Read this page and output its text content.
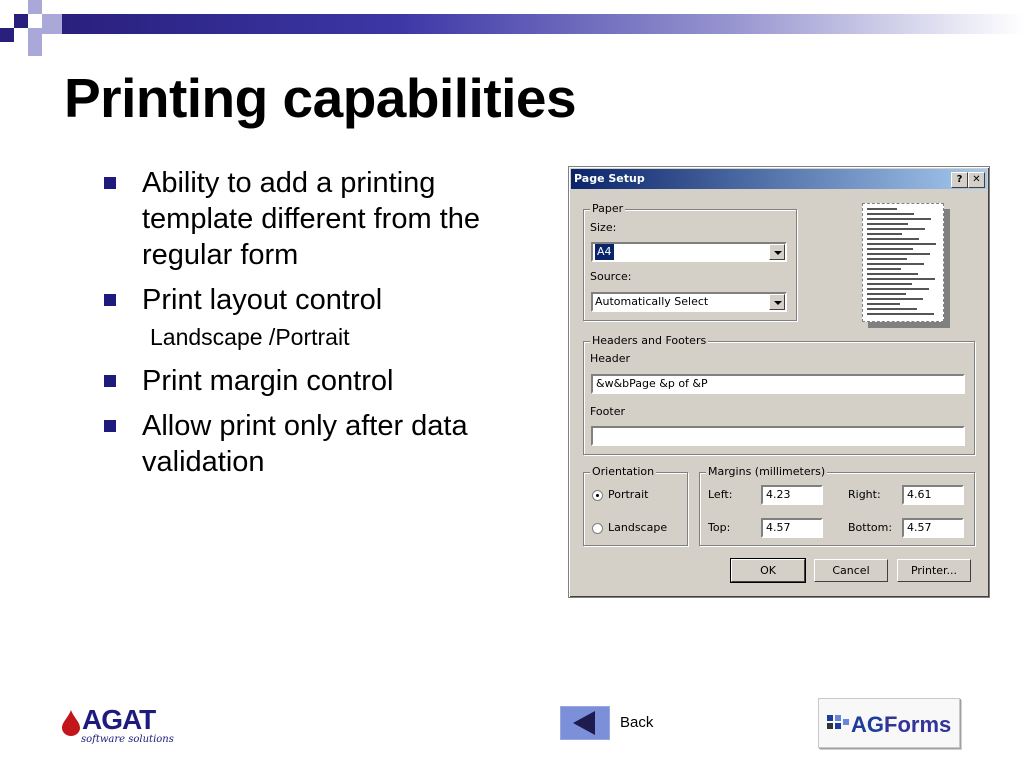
Printing capabilities
Ability to add a printing template different from the regular form
Print layout control
Landscape /Portrait
Print margin control
Allow print only after data validation
Page Setup	? ✕
Paper
Size:
A4
Source:
Automatically Select
Headers and Footers
Header
&w&bPage &p of &P
Footer
Orientation
Portrait
Landscape
Margins (millimeters)
Left:	4.23	Right:	4.61
Top:	4.57	Bottom:	4.57
OK	Cancel	Printer...
AGAT
software solutions
Back	AGForms
